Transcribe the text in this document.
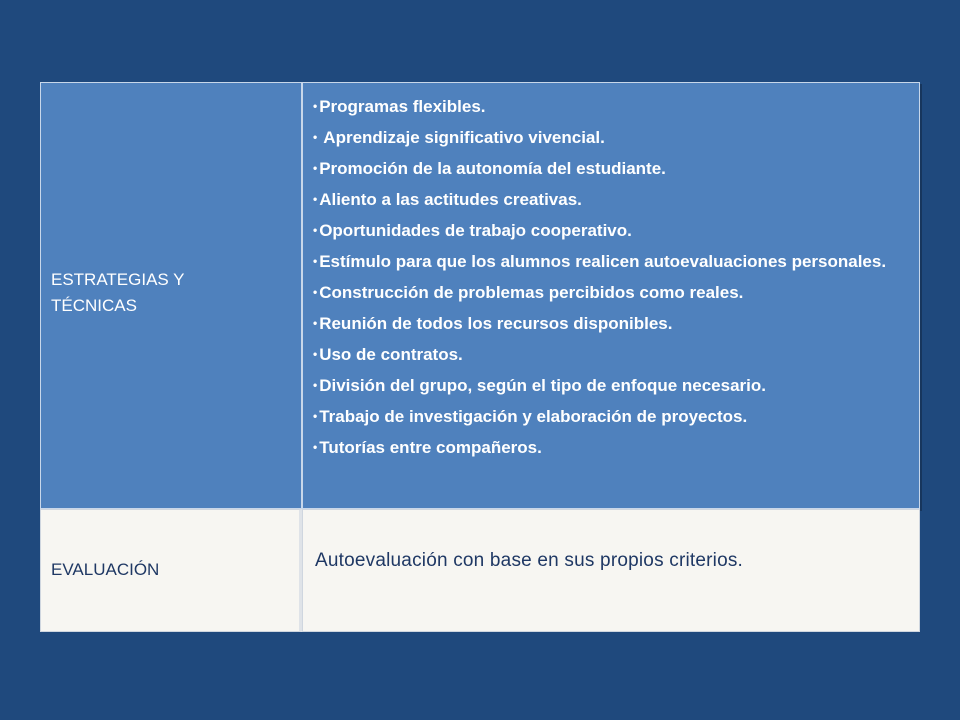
ESTRATEGIAS Y TÉCNICAS
• Programas flexibles.
• Aprendizaje significativo vivencial.
• Promoción de la autonomía del estudiante.
• Aliento a las actitudes creativas.
• Oportunidades de trabajo cooperativo.
• Estímulo para que los alumnos realicen autoevaluaciones personales.
• Construcción de problemas percibidos como reales.
• Reunión de todos los recursos disponibles.
• Uso de contratos.
• División del grupo, según el tipo de enfoque necesario.
• Trabajo de investigación y elaboración de proyectos.
• Tutorías entre compañeros.
EVALUACIÓN	Autoevaluación con base en sus propios criterios.
